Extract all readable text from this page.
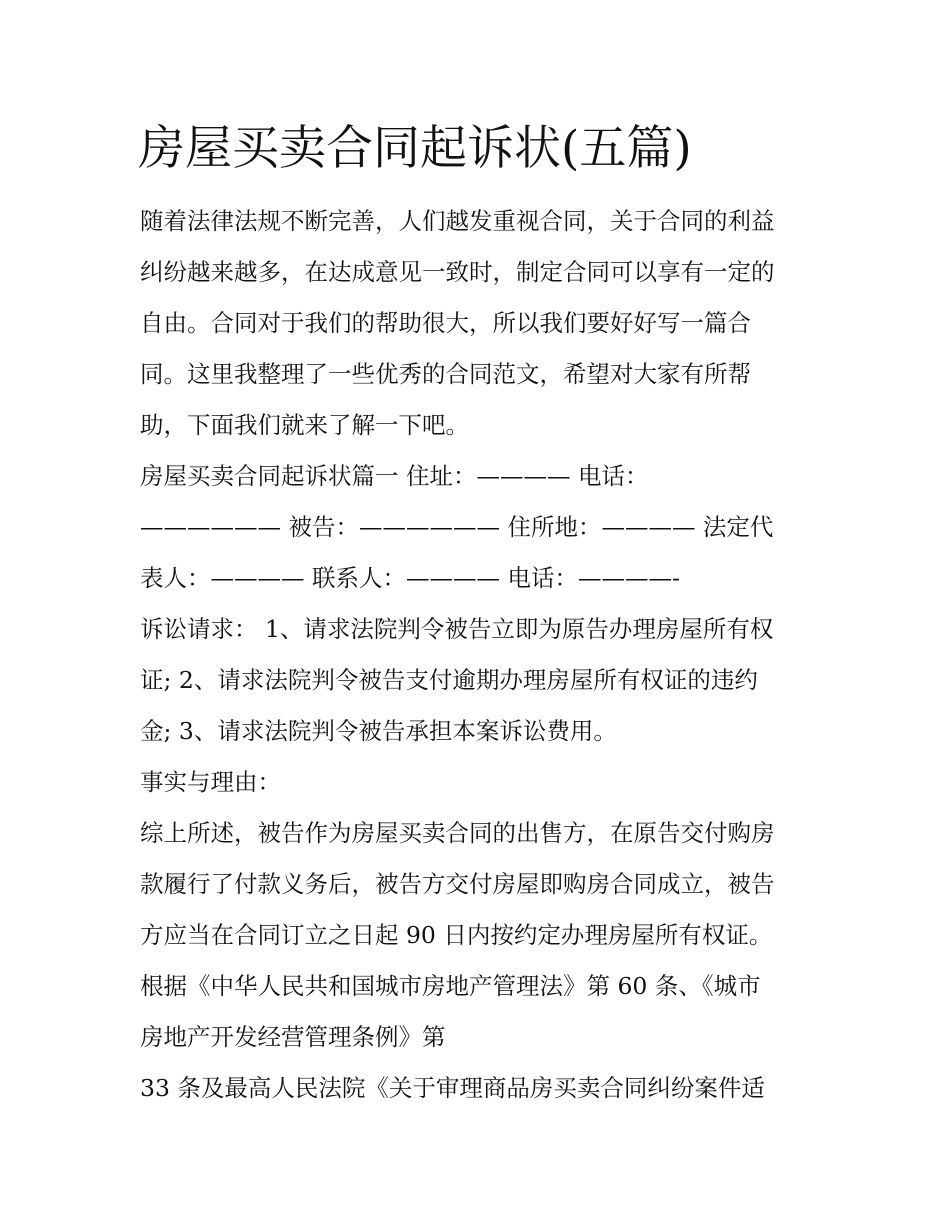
房屋买卖合同起诉状(五篇)

随着法律法规不断完善，人们越发重视合同，关于合同的利益

纠纷越来越多，在达成意见一致时，制定合同可以享有一定的

自由。合同对于我们的帮助很大，所以我们要好好写一篇合

同。这里我整理了一些优秀的合同范文，希望对大家有所帮

助，下面我们就来了解一下吧。

房屋买卖合同起诉状篇一 住址：———— 电话：

—————— 被告：—————— 住所地：———— 法定代

表人：———— 联系人：———— 电话：————-

诉讼请求： 1、请求法院判令被告立即为原告办理房屋所有权

证; 2、请求法院判令被告支付逾期办理房屋所有权证的违约

金; 3、请求法院判令被告承担本案诉讼费用。

事实与理由：

综上所述，被告作为房屋买卖合同的出售方，在原告交付购房

款履行了付款义务后，被告方交付房屋即购房合同成立，被告

方应当在合同订立之日起 90 日内按约定办理房屋所有权证。

根据《中华人民共和国城市房地产管理法》第 60 条、《城市

房地产开发经营管理条例》第

33 条及最高人民法院《关于审理商品房买卖合同纠纷案件适
